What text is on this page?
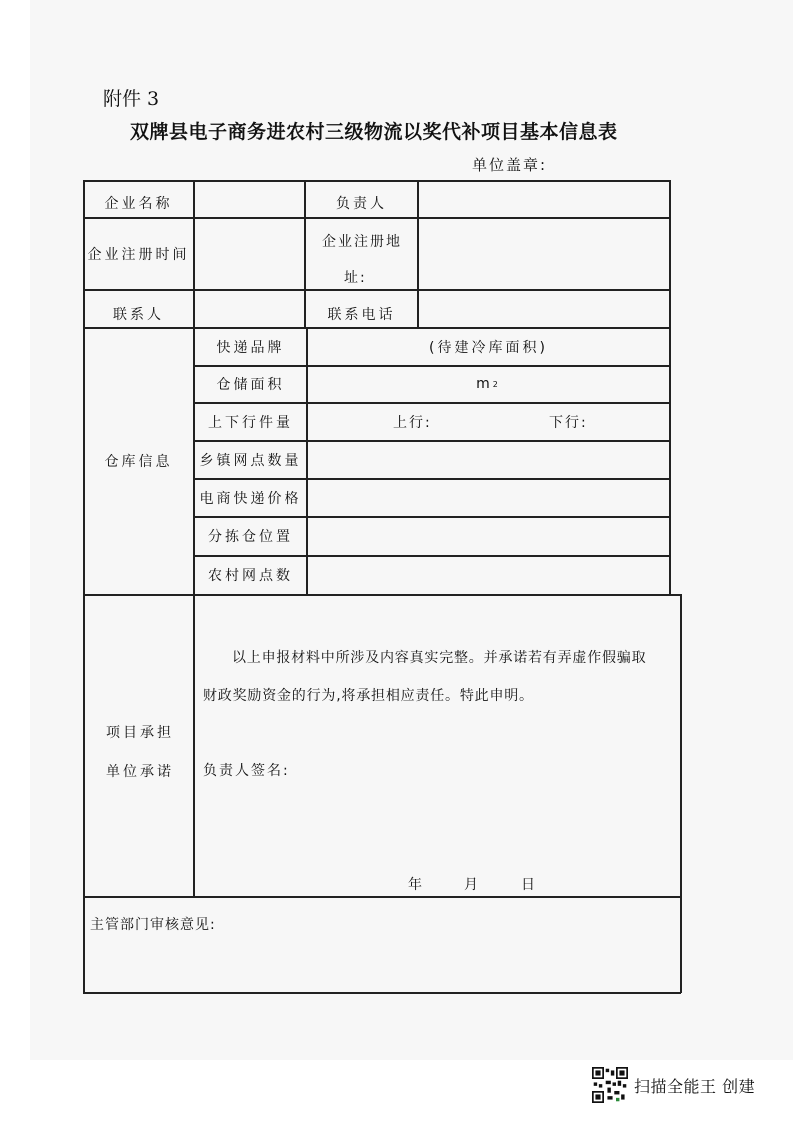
附件 3
双牌县电子商务进农村三级物流以奖代补项目基本信息表
单位盖章:
企业名称	负责人
企业注册时间
企业注册地
址:
联系人	联系电话
仓库信息
快递品牌	(待建冷库面积)
仓储面积	m 2
上下行件量	上行:	下行:
乡镇网点数量
电商快递价格
分拣仓位置
农村网点数
项目承担
单位承诺
以上申报材料中所涉及内容真实完整。并承诺若有弄虚作假骗取
财政奖励资金的行为,将承担相应责任。特此申明。
负责人签名:
年	月	日
主管部门审核意见:
扫描全能王 创建
